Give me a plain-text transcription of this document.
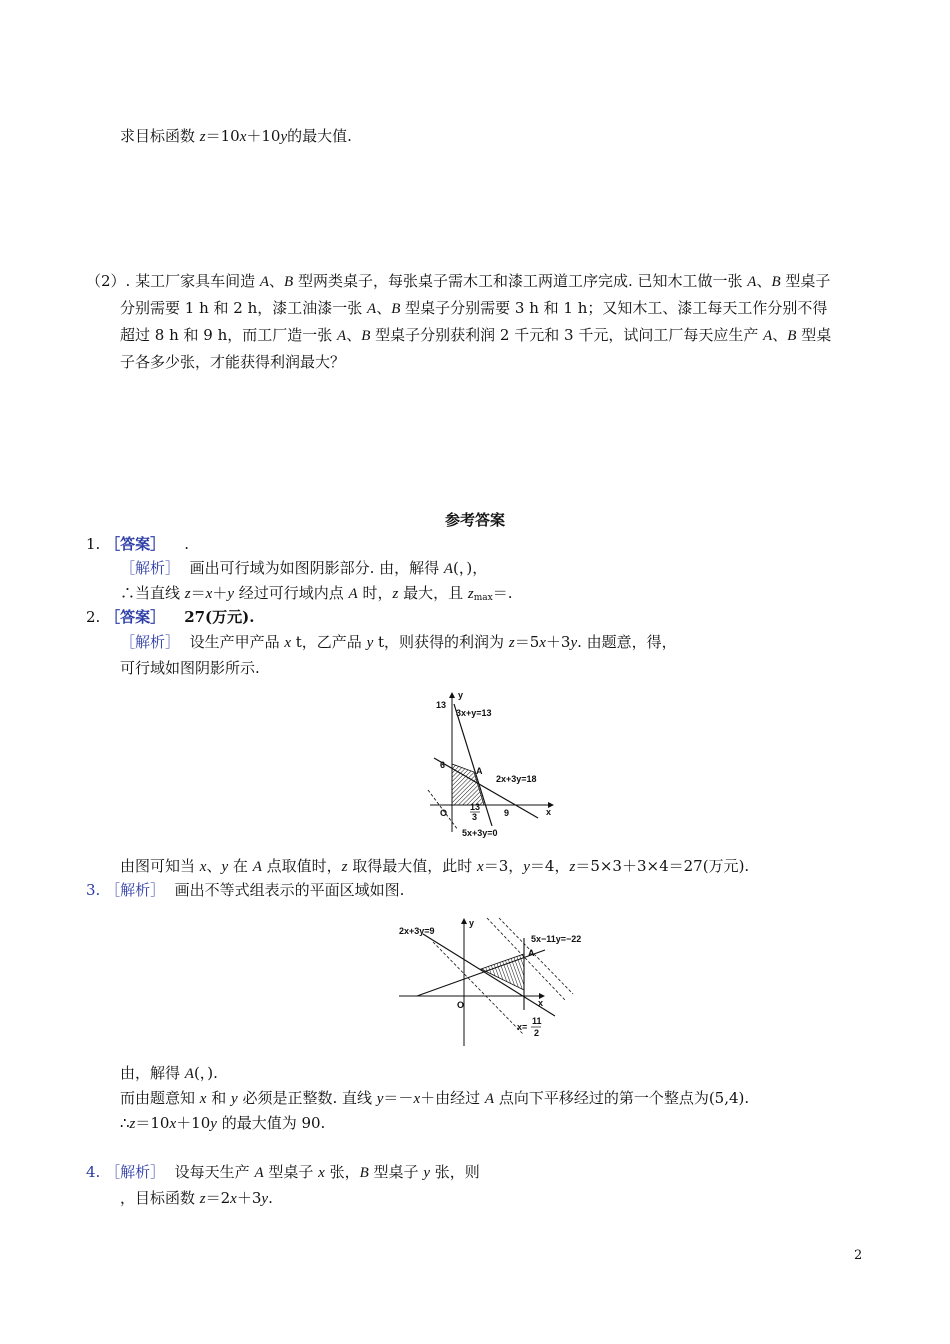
求目标函数 z＝10x＋10y的最大值.
（2）. 某工厂家具车间造 A、B 型两类桌子，每张桌子需木工和漆工两道工序完成. 已知木工做一张 A、B 型桌子
分别需要 1 h 和 2 h，漆工油漆一张 A、B 型桌子分别需要 3 h 和 1 h；又知木工、漆工每天工作分别不得
超过 8 h 和 9 h，而工厂造一张 A、B 型桌子分别获利润 2 千元和 3 千元，试问工厂每天应生产 A、B 型桌
子各多少张，才能获得利润最大？
参考答案
1. ［答案］ .
［解析］ 画出可行域为如图阴影部分. 由，解得 A(，)，
∴当直线 z＝x＋y 经过可行域内点 A 时，z 最大，且 $z_{max}=$.
2. ［答案］ 27(万元).
［解析］ 设生产甲产品 x t，乙产品 y t，则获得的利润为 z＝5x＋3y. 由题意，得，
可行域如图阴影所示.
y
x
O
13
6
9
13
3
A
3x+y=13
2x+3y=18
5x+3y=0
由图可知当 x、y 在 A 点取值时，z 取得最大值，此时 x＝3，y＝4，z＝5×3＋3×4＝27(万元).
3. ［解析］ 画出不等式组表示的平面区域如图.
y
x
O
A
2x+3y=9
5x−11y=−22
x=
11
2
由，解得 A(，).
而由题意知 x 和 y 必须是正整数. 直线 y＝－x＋由经过 A 点向下平移经过的第一个整点为(5,4).
∴z＝10x＋10y 的最大值为 90.
4. ［解析］ 设每天生产 A 型桌子 x 张，B 型桌子 y 张，则
，目标函数 z＝2x＋3y.
2
